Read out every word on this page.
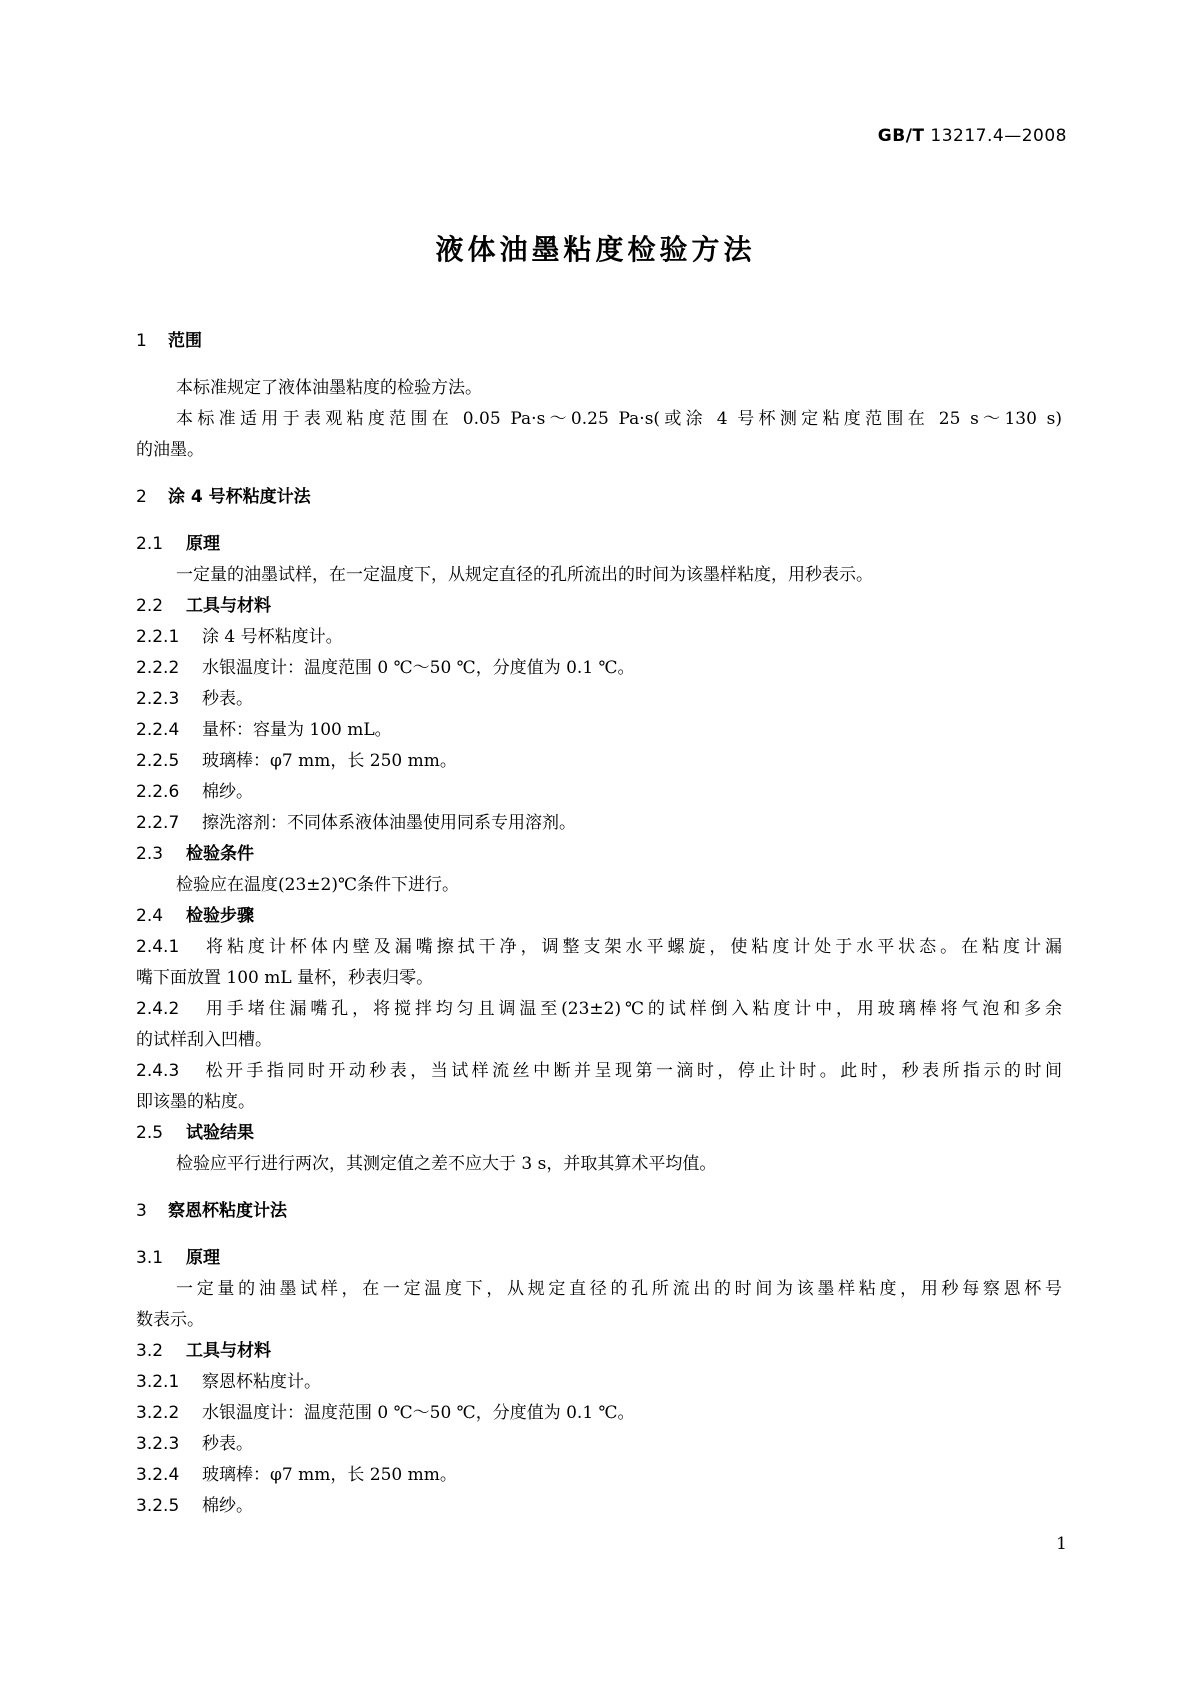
GB/T 13217.4—2008
液体油墨粘度检验方法
1 范围
本标准规定了液体油墨粘度的检验方法。
本标准适用于表观粘度范围在 0.05 Pa·s～0.25 Pa·s(或涂 4 号杯测定粘度范围在 25 s～130 s)
的油墨。
2 涂 4 号杯粘度计法
2.1 原理
一定量的油墨试样，在一定温度下，从规定直径的孔所流出的时间为该墨样粘度，用秒表示。
2.2 工具与材料
2.2.1 涂 4 号杯粘度计。
2.2.2 水银温度计：温度范围 0 ℃～50 ℃，分度值为 0.1 ℃。
2.2.3 秒表。
2.2.4 量杯：容量为 100 mL。
2.2.5 玻璃棒：φ7 mm，长 250 mm。
2.2.6 棉纱。
2.2.7 擦洗溶剂：不同体系液体油墨使用同系专用溶剂。
2.3 检验条件
检验应在温度(23±2)℃条件下进行。
2.4 检验步骤
2.4.1 将粘度计杯体内壁及漏嘴擦拭干净，调整支架水平螺旋，使粘度计处于水平状态。在粘度计漏
嘴下面放置 100 mL 量杯，秒表归零。
2.4.2 用手堵住漏嘴孔，将搅拌均匀且调温至(23±2)℃的试样倒入粘度计中，用玻璃棒将气泡和多余
的试样刮入凹槽。
2.4.3 松开手指同时开动秒表，当试样流丝中断并呈现第一滴时，停止计时。此时，秒表所指示的时间
即该墨的粘度。
2.5 试验结果
检验应平行进行两次，其测定值之差不应大于 3 s，并取其算术平均值。
3 察恩杯粘度计法
3.1 原理
一定量的油墨试样，在一定温度下，从规定直径的孔所流出的时间为该墨样粘度，用秒每察恩杯号
数表示。
3.2 工具与材料
3.2.1 察恩杯粘度计。
3.2.2 水银温度计：温度范围 0 ℃～50 ℃，分度值为 0.1 ℃。
3.2.3 秒表。
3.2.4 玻璃棒：φ7 mm，长 250 mm。
3.2.5 棉纱。
1
